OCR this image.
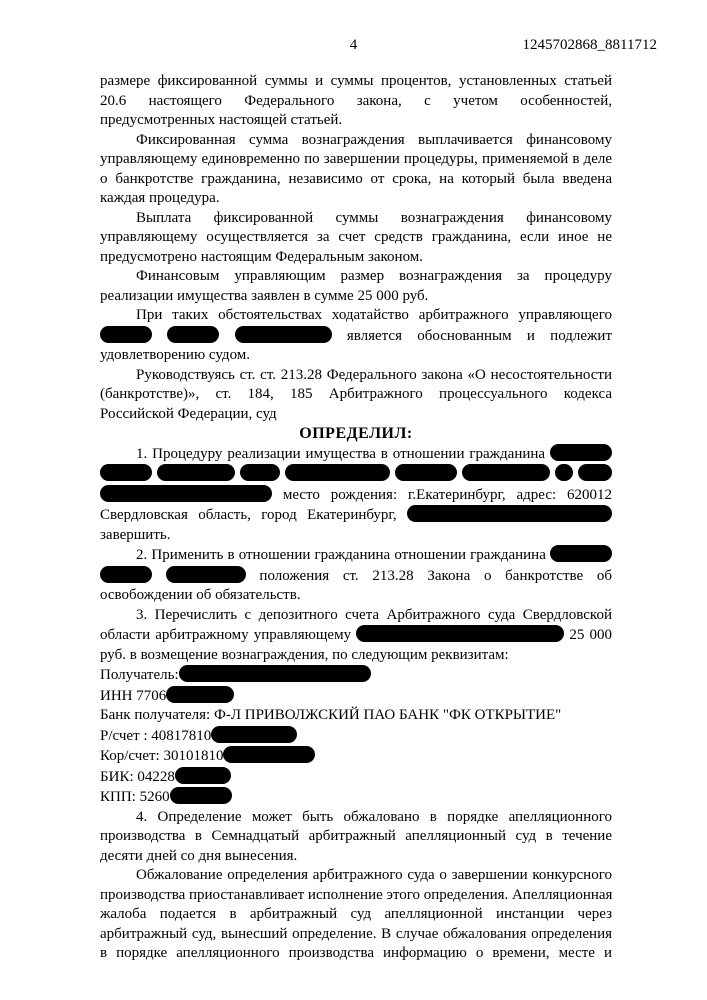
4	1245702868_8811712
размере фиксированной суммы и суммы процентов, установленных статьей
20.6 настоящего Федерального закона, с учетом особенностей,
предусмотренных настоящей статьей.
Фиксированная сумма вознаграждения выплачивается финансовому
управляющему единовременно по завершении процедуры, применяемой в деле
о банкротстве гражданина, независимо от срока, на который была введена
каждая процедура.
Выплата фиксированной суммы вознаграждения финансовому
управляющему осуществляется за счет средств гражданина, если иное не
предусмотрено настоящим Федеральным законом.
Финансовым управляющим размер вознаграждения за процедуру
реализации имущества заявлен в сумме 25 000 руб.
При таких обстоятельствах ходатайство арбитражного управляющего
является обоснованным и подлежит
удовлетворению судом.
Руководствуясь ст. ст. 213.28 Федерального закона «О несостоятельности
(банкротстве)», ст. 184, 185 Арбитражного процессуального кодекса
Российской Федерации, суд
ОПРЕДЕЛИЛ:
1. Процедуру реализации имущества в отношении гражданина

место рождения: г.Екатеринбург, адрес: 620012
Свердловская область, город Екатеринбург,
завершить.
2. Применить в отношении гражданина отношении гражданина
положения ст. 213.28 Закона о банкротстве об
освобождении об обязательств.
3. Перечислить с депозитного счета Арбитражного суда Свердловской
области арбитражному управляющему	25 000
руб. в возмещение вознаграждения, по следующим реквизитам:
Получатель:
ИНН 7706
Банк получателя: Ф-Л ПРИВОЛЖСКИЙ ПАО БАНК "ФК ОТКРЫТИЕ"
Р/счет : 40817810
Кор/счет: 30101810
БИК: 04228
КПП: 5260
4. Определение может быть обжаловано в порядке апелляционного
производства в Семнадцатый арбитражный апелляционный суд в течение
десяти дней со дня вынесения.
Обжалование определения арбитражного суда о завершении конкурсного
производства приостанавливает исполнение этого определения. Апелляционная
жалоба подается в арбитражный суд апелляционной инстанции через
арбитражный суд, вынесший определение. В случае обжалования определения
в порядке апелляционного производства информацию о времени, месте и
